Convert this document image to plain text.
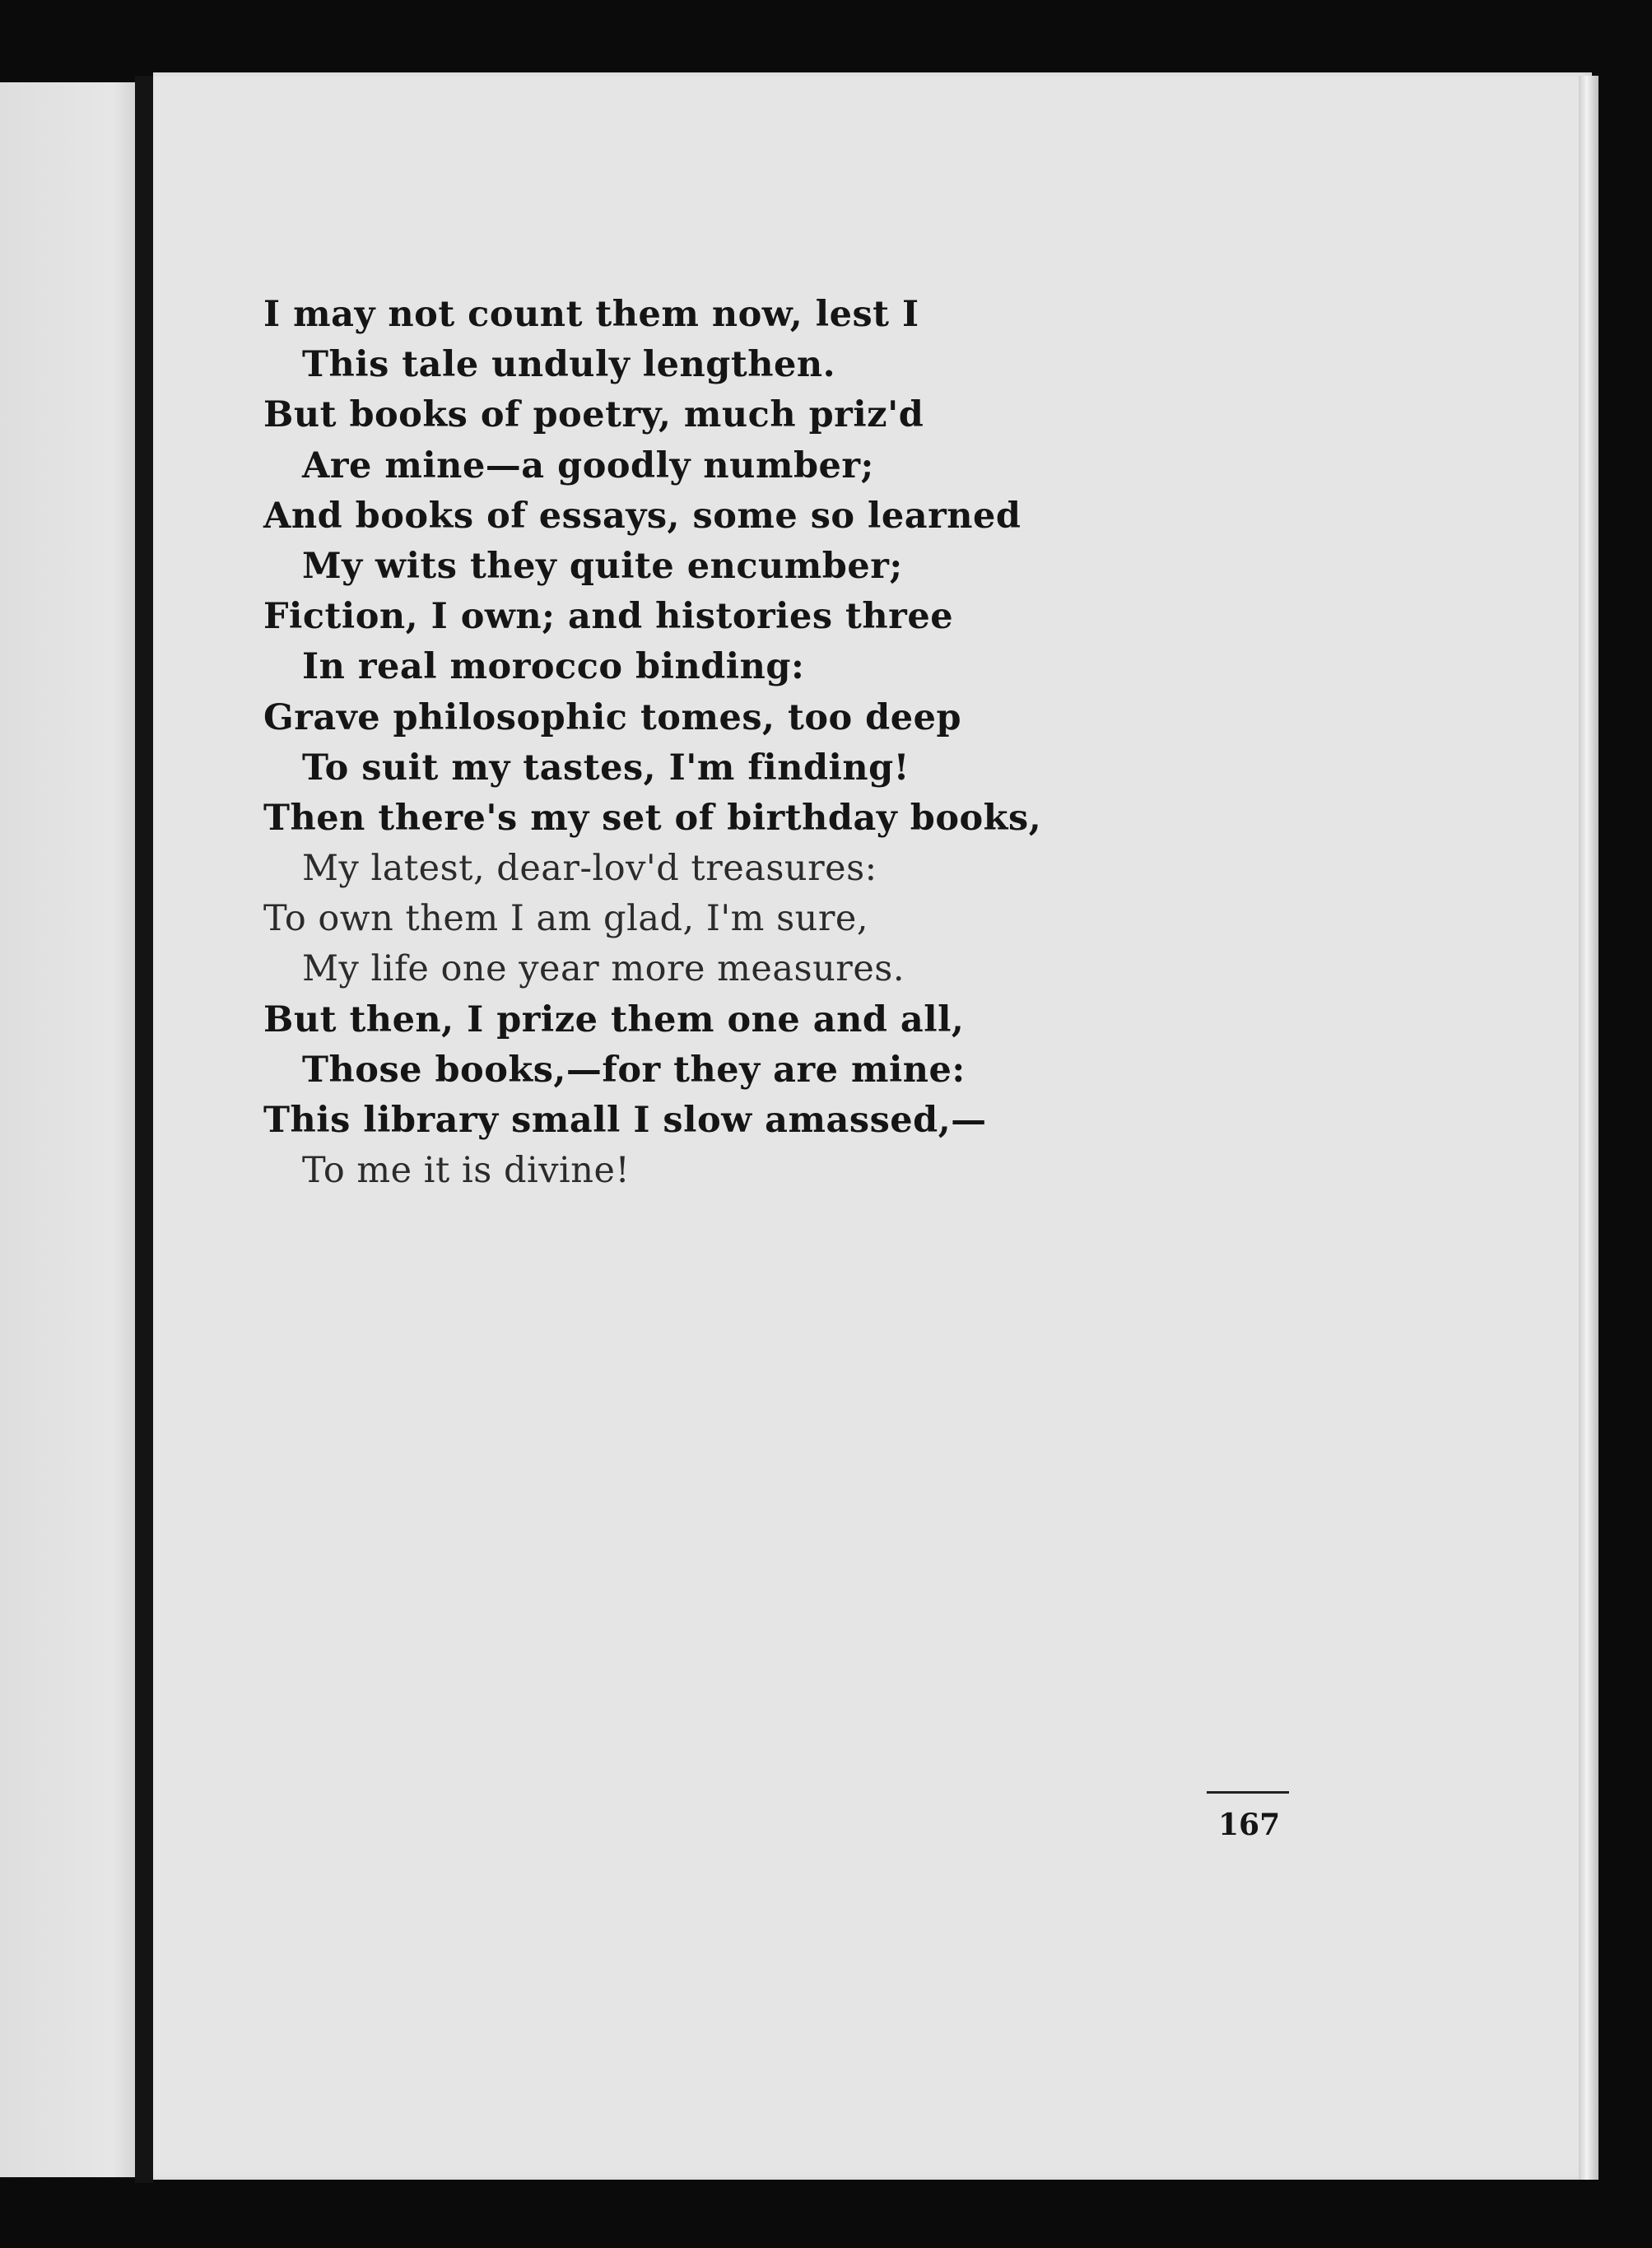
I may not count them now, lest I
This tale unduly lengthen.
But books of poetry, much priz'd
Are mine—a goodly number;
And books of essays, some so learned
My wits they quite encumber;
Fiction, I own; and histories three
In real morocco binding:
Grave philosophic tomes, too deep
To suit my tastes, I'm finding!
Then there's my set of birthday books,
My latest, dear-lov'd treasures:
To own them I am glad, I'm sure,
My life one year more measures.
But then, I prize them one and all,
Those books,—for they are mine:
This library small I slow amassed,—
To me it is divine!
167
